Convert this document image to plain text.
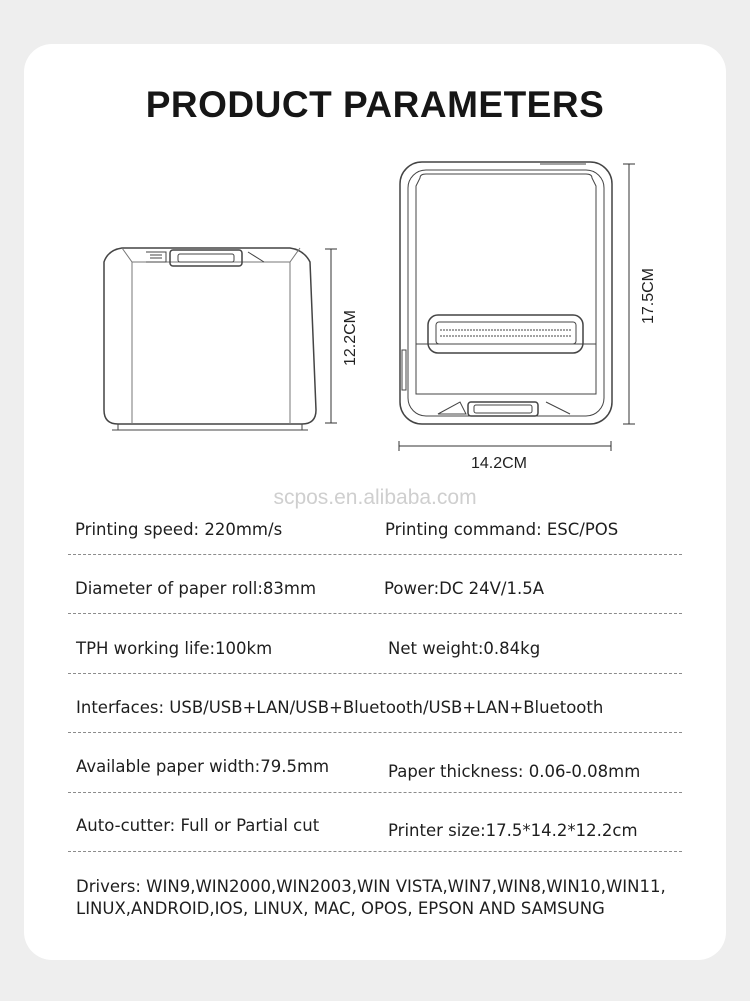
PRODUCT PARAMETERS
12.2CM
17.5CM
14.2CM
scpos.en.alibaba.com
Printing speed: 220mm/s	Printing command: ESC/POS
Diameter of paper roll:83mm	Power:DC 24V/1.5A
TPH working life:100km	Net weight:0.84kg
Interfaces: USB/USB+LAN/USB+Bluetooth/USB+LAN+Bluetooth
Available paper width:79.5mm	Paper thickness: 0.06-0.08mm
Auto-cutter: Full or Partial cut	Printer size:17.5*14.2*12.2cm
Drivers: WIN9,WIN2000,WIN2003,WIN VISTA,WIN7,WIN8,WIN10,WIN11,
LINUX,ANDROID,IOS, LINUX, MAC, OPOS, EPSON AND SAMSUNG
